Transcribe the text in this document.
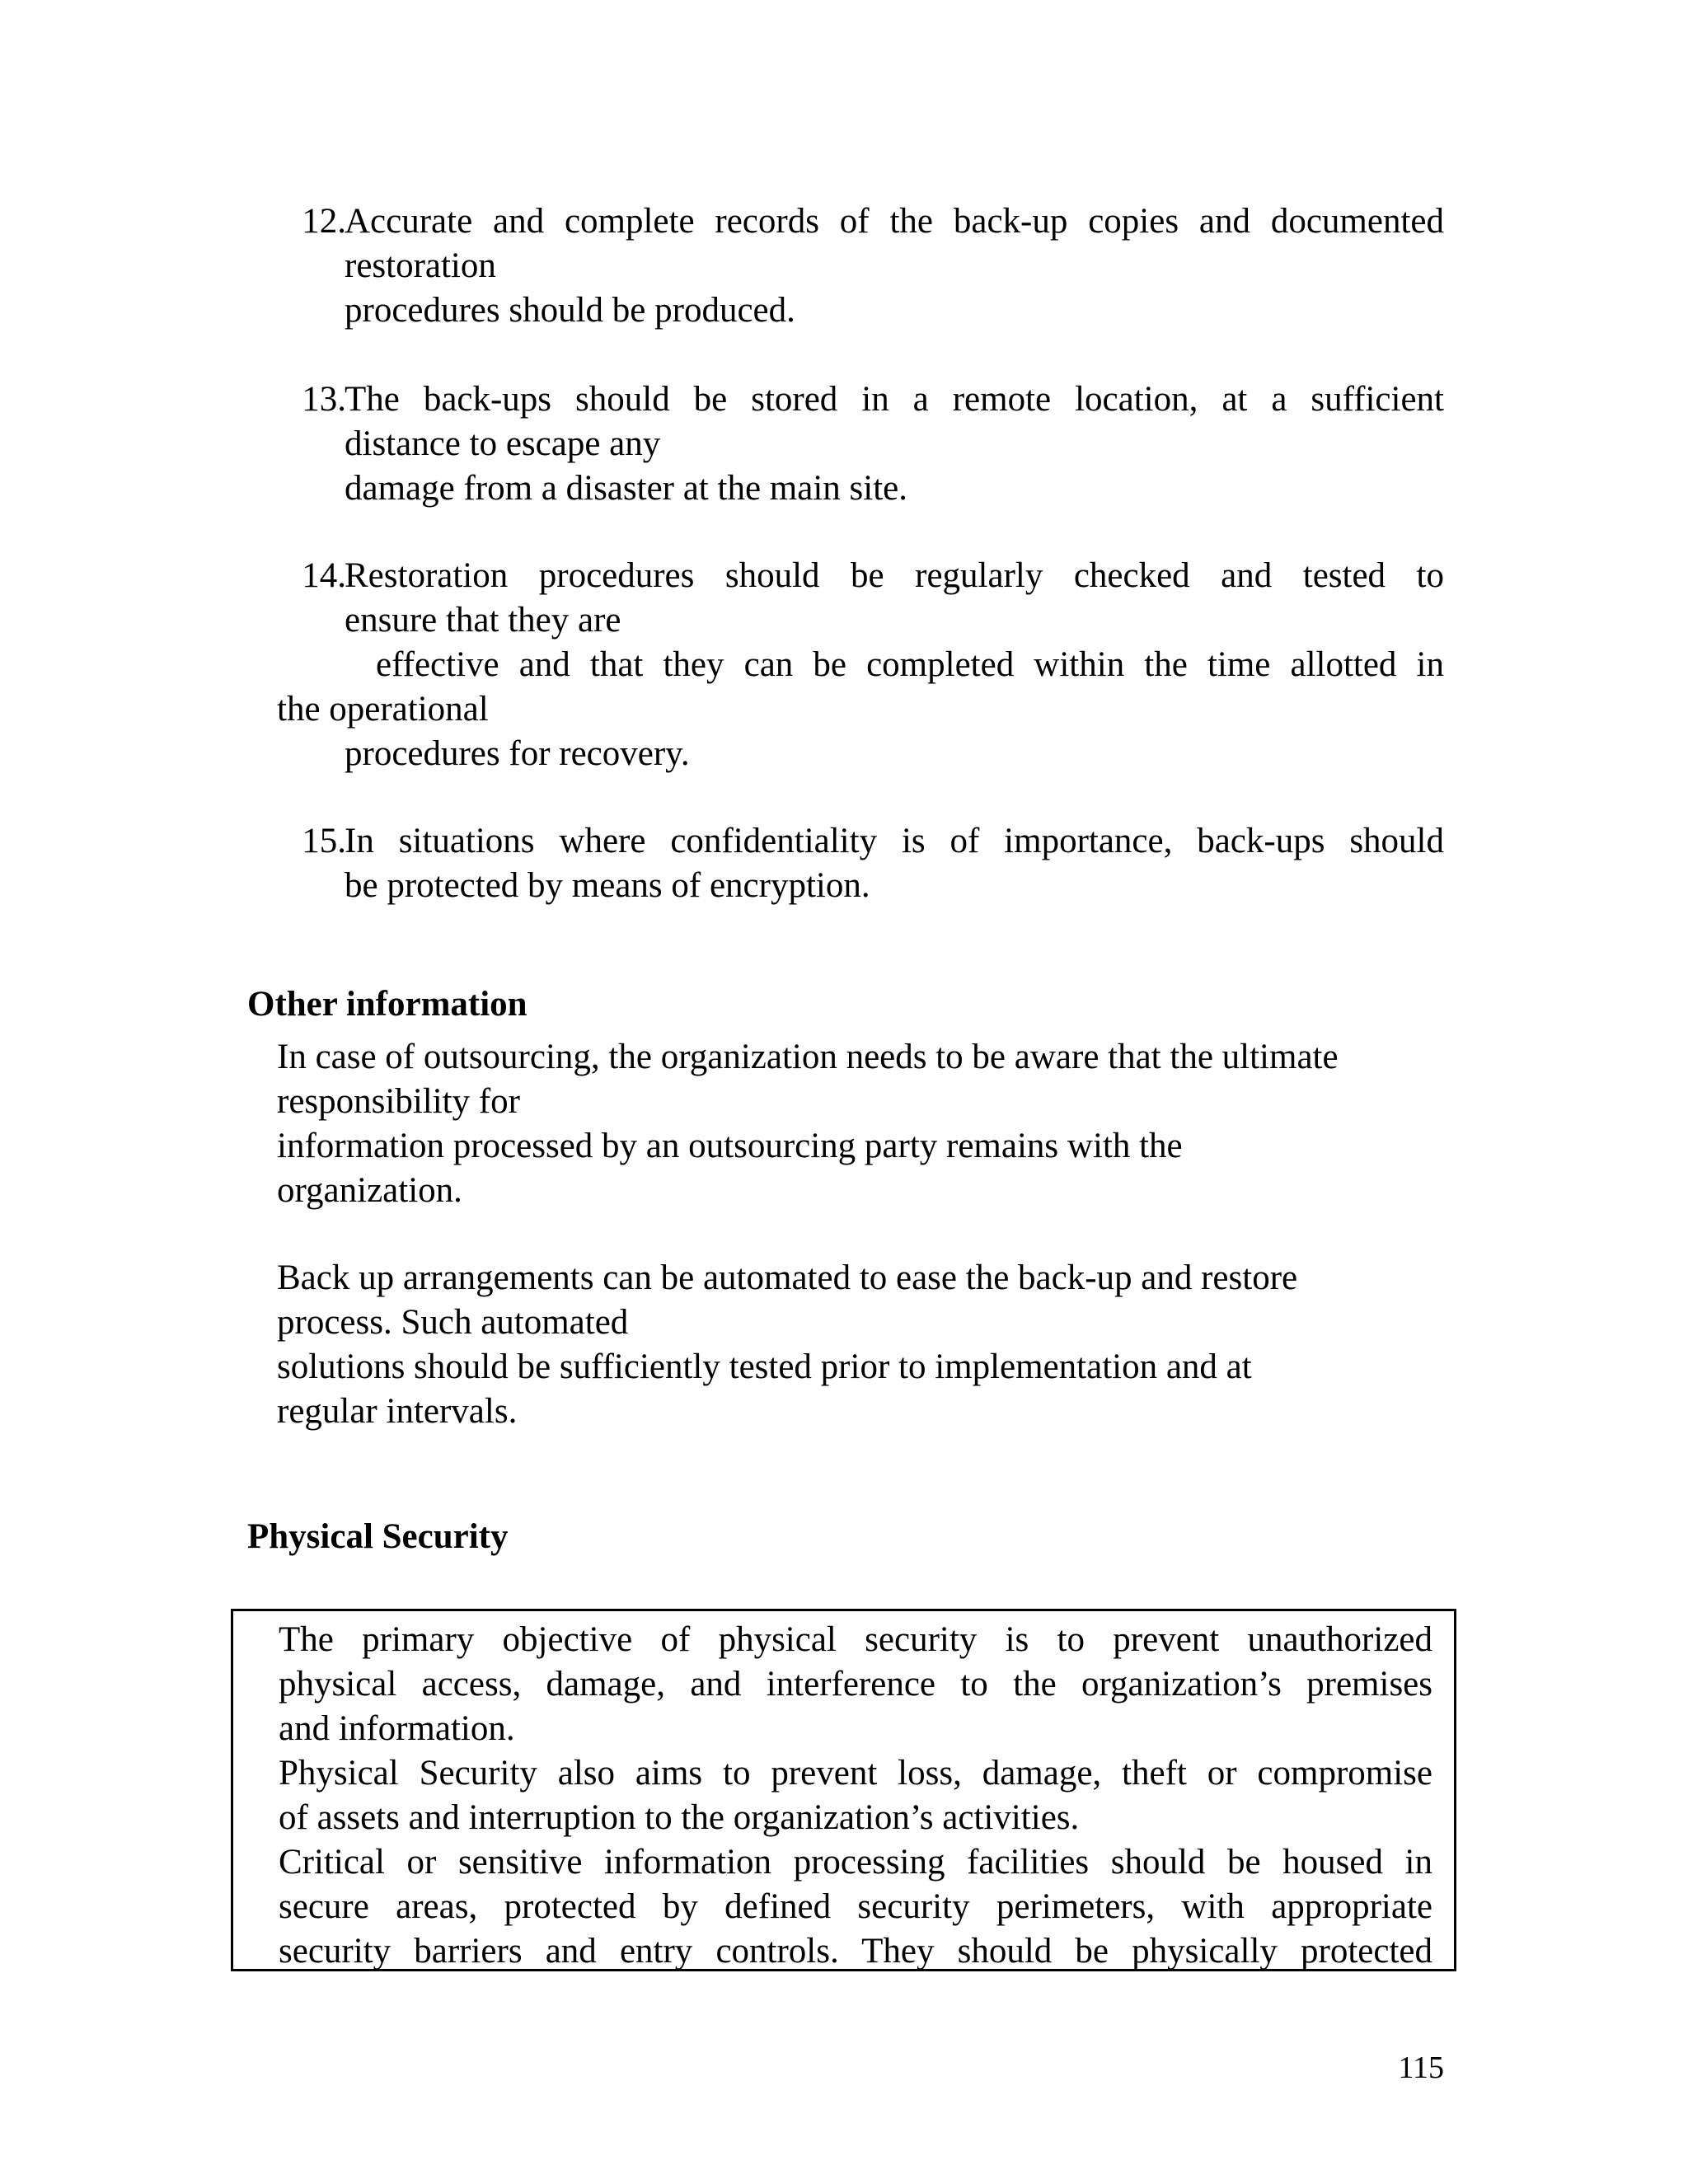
12.
Accurate and complete records of the back-up copies and documented
restoration
procedures should be produced.
13.
The back-ups should be stored in a remote location, at a sufficient
distance to escape any
damage from a disaster at the main site.
14.
Restoration procedures should be regularly checked and tested to
ensure that they are
effective and that they can be completed within the time allotted in
the operational
procedures for recovery.
15.
In situations where confidentiality is of importance, back-ups should
be protected by means of encryption.
Other information
In case of outsourcing, the organization needs to be aware that the ultimate
responsibility for
information processed by an outsourcing party remains with the
organization.
Back up arrangements can be automated to ease the back-up and restore
process. Such automated
solutions should be sufficiently tested prior to implementation and at
regular intervals.
Physical Security
The primary objective of physical security is to prevent unauthorized
physical access, damage, and interference to the organization’s premises
and information.
Physical Security also aims to prevent loss, damage, theft or compromise
of assets and interruption to the organization’s activities.
Critical or sensitive information processing facilities should be housed in
secure areas, protected by defined security perimeters, with appropriate
security barriers and entry controls. They should be physically protected
115
